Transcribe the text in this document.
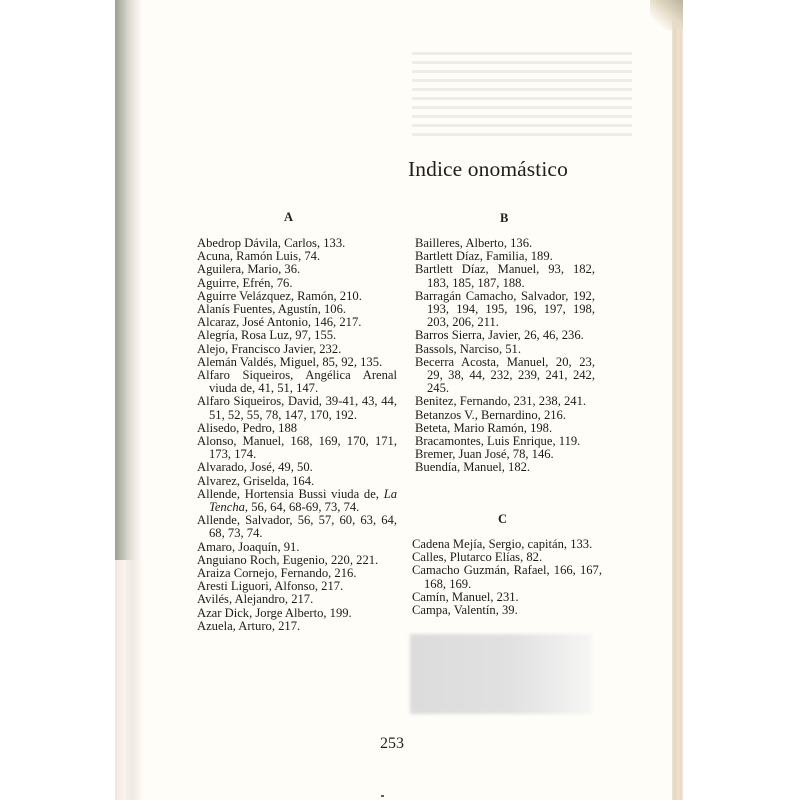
Indice onomástico
A
Abedrop Dávila, Carlos, 133.
Acuna, Ramón Luis, 74.
Aguilera, Mario, 36.
Aguirre, Efrén, 76.
Aguirre Velázquez, Ramón, 210.
Alanís Fuentes, Agustín, 106.
Alcaraz, José Antonio, 146, 217.
Alegría, Rosa Luz, 97, 155.
Alejo, Francisco Javier, 232.
Alemán Valdés, Miguel, 85, 92, 135.
Alfaro Siqueiros, Angélica Arenal viuda de, 41, 51, 147.
Alfaro Siqueiros, David, 39-41, 43, 44, 51, 52, 55, 78, 147, 170, 192.
Alisedo, Pedro, 188
Alonso, Manuel, 168, 169, 170, 171, 173, 174.
Alvarado, José, 49, 50.
Alvarez, Griselda, 164.
Allende, Hortensia Bussi viuda de, La Tencha, 56, 64, 68-69, 73, 74.
Allende, Salvador, 56, 57, 60, 63, 64, 68, 73, 74.
Amaro, Joaquín, 91.
Anguiano Roch, Eugenio, 220, 221.
Araiza Cornejo, Fernando, 216.
Aresti Liguori, Alfonso, 217.
Avilés, Alejandro, 217.
Azar Dick, Jorge Alberto, 199.
Azuela, Arturo, 217.
B
Bailleres, Alberto, 136.
Bartlett Díaz, Familia, 189.
Bartlett Díaz, Manuel, 93, 182, 183, 185, 187, 188.
Barragán Camacho, Salvador, 192, 193, 194, 195, 196, 197, 198, 203, 206, 211.
Barros Sierra, Javier, 26, 46, 236.
Bassols, Narciso, 51.
Becerra Acosta, Manuel, 20, 23, 29, 38, 44, 232, 239, 241, 242, 245.
Benitez, Fernando, 231, 238, 241.
Betanzos V., Bernardino, 216.
Beteta, Mario Ramón, 198.
Bracamontes, Luis Enrique, 119.
Bremer, Juan José, 78, 146.
Buendía, Manuel, 182.
C
Cadena Mejía, Sergio, capitán, 133.
Calles, Plutarco Elías, 82.
Camacho Guzmán, Rafael, 166, 167, 168, 169.
Camín, Manuel, 231.
Campa, Valentín, 39.
253
